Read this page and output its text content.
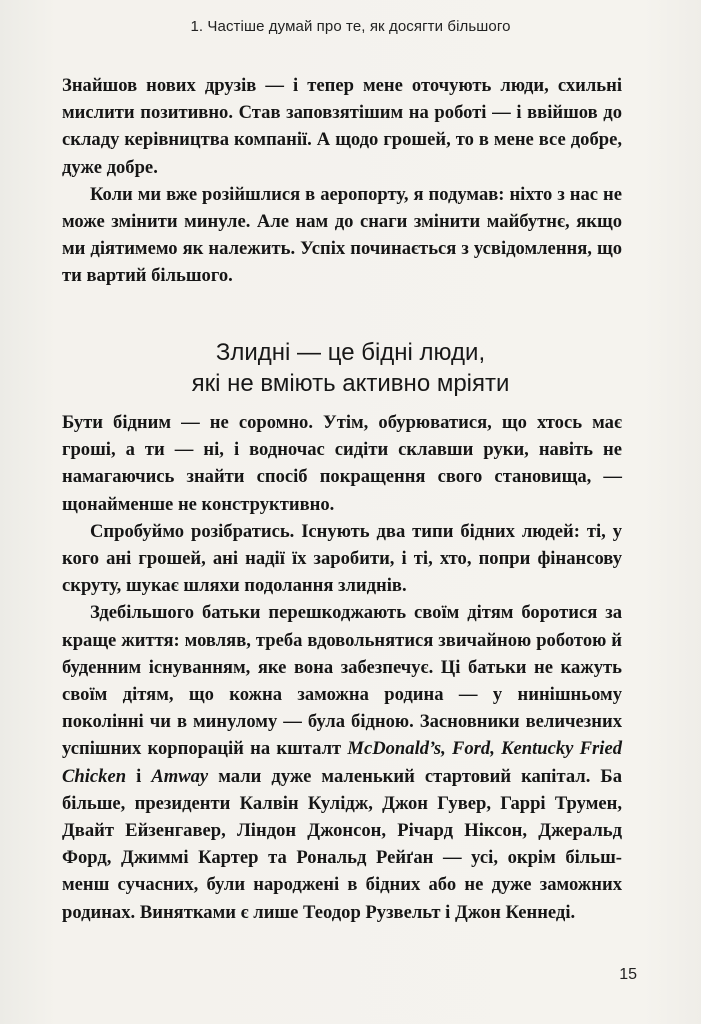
1. Частіше думай про те, як досягти більшого

Знайшов нових друзів — і тепер мене оточують люди, схильні мислити позитивно. Став заповзятішим на роботі — і ввійшов до складу керівництва компанії. А щодо грошей, то в мене все добре, дуже добре.

Коли ми вже розійшлися в аеропорту, я подумав: ніхто з нас не може змінити минуле. Але нам до снаги змінити майбутнє, якщо ми діятимемо як належить. Успіх починається з усвідомлення, що ти вартий більшого.

Злидні — це бідні люди,
які не вміють активно мріяти

Бути бідним — не соромно. Утім, обурюватися, що хтось має гроші, а ти — ні, і водночас сидіти склавши руки, навіть не намагаючись знайти спосіб покращення свого становища, — щонайменше не конструктивно.

Спробуймо розібратись. Існують два типи бідних людей: ті, у кого ані грошей, ані надії їх заробити, і ті, хто, попри фінансову скруту, шукає шляхи подолання злиднів.

Здебільшого батьки перешкоджають своїм дітям боротися за краще життя: мовляв, треба вдовольнятися звичайною роботою й буденним існуванням, яке вона забезпечує. Ці батьки не кажуть своїм дітям, що кожна заможна родина — у нинішньому поколінні чи в минулому — була бідною. Засновники величезних успішних корпорацій на кшталт McDonald’s, Ford, Kentucky Fried Chicken і Amway мали дуже маленький стартовий капітал. Ба більше, президенти Калвін Кулідж, Джон Гувер, Гаррі Трумен, Двайт Ейзенгавер, Ліндон Джонсон, Річард Ніксон, Джеральд Форд, Джиммі Картер та Рональд Рейґан — усі, окрім більш-менш сучасних, були народжені в бідних або не дуже заможних родинах. Винятками є лише Теодор Рузвельт і Джон Кеннеді.

15
